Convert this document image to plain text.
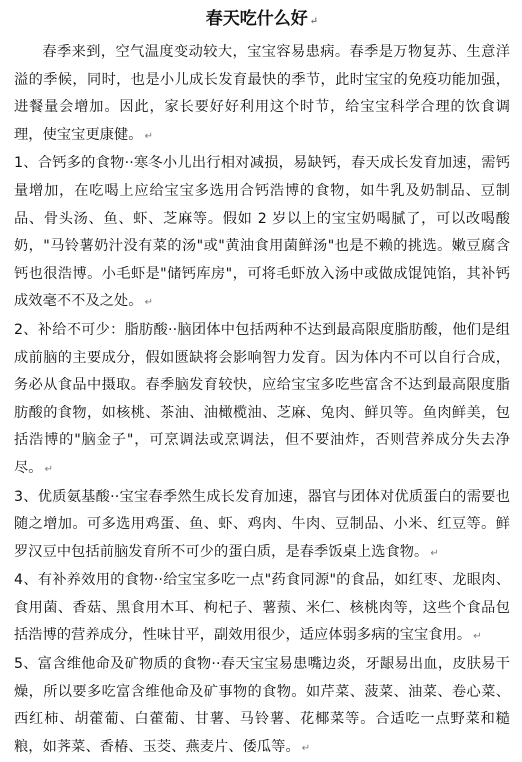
春天吃什么好 ↵

春季来到，空气温度变动较大，宝宝容易患病。春季是万物复苏、生意洋溢的季候，同时，也是小儿成长发育最快的季节，此时宝宝的免疫功能加强，进餐量会增加。因此，家长要好好利用这个时节，给宝宝科学合理的饮食调理，使宝宝更康健。 ↵

1、合钙多的食物··寒冬小儿出行相对减损，易缺钙，春天成长发育加速，需钙量增加，在吃喝上应给宝宝多选用合钙浩博的食物，如牛乳及奶制品、豆制品、骨头汤、鱼、虾、芝麻等。假如 2 岁以上的宝宝奶喝腻了，可以改喝酸奶，"马铃薯奶汁没有菜的汤"或"黄油食用菌鲜汤"也是不赖的挑选。嫩豆腐含钙也很浩博。小毛虾是"储钙库房"，可将毛虾放入汤中或做成馄饨馅，其补钙成效毫不不及之处。 ↵

2、补给不可少：脂肪酸··脑团体中包括两种不达到最高限度脂肪酸，他们是组成前脑的主要成分，假如匮缺将会影响智力发育。因为体内不可以自行合成，务必从食品中摄取。春季脑发育较快，应给宝宝多吃些富含不达到最高限度脂肪酸的食物，如核桃、茶油、油橄榄油、芝麻、兔肉、鲜贝等。鱼肉鲜美，包括浩博的"脑金子"，可烹调法或烹调法，但不要油炸，否则营养成分失去净尽。 ↵

3、优质氨基酸··宝宝春季然生成长发育加速，器官与团体对优质蛋白的需要也随之增加。可多选用鸡蛋、鱼、虾、鸡肉、牛肉、豆制品、小米、红豆等。鲜罗汉豆中包括前脑发育所不可少的蛋白质，是春季饭桌上选食物。 ↵

4、有补养效用的食物··给宝宝多吃一点"药食同源"的食品，如红枣、龙眼肉、食用菌、香菇、黑食用木耳、枸杞子、薯蓣、米仁、核桃肉等，这些个食品包括浩博的营养成分，性味甘平，副效用很少，适应体弱多病的宝宝食用。 ↵

5、富含维他命及矿物质的食物··春天宝宝易患嘴边炎，牙龈易出血，皮肤易干燥，所以要多吃富含维他命及矿事物的食物。如芹菜、菠菜、油菜、卷心菜、西红柿、胡藿葡、白藿葡、甘薯、马铃薯、花椰菜等。合适吃一点野菜和糙粮，如荠菜、香椿、玉茭、燕麦片、倭瓜等。 ↵
